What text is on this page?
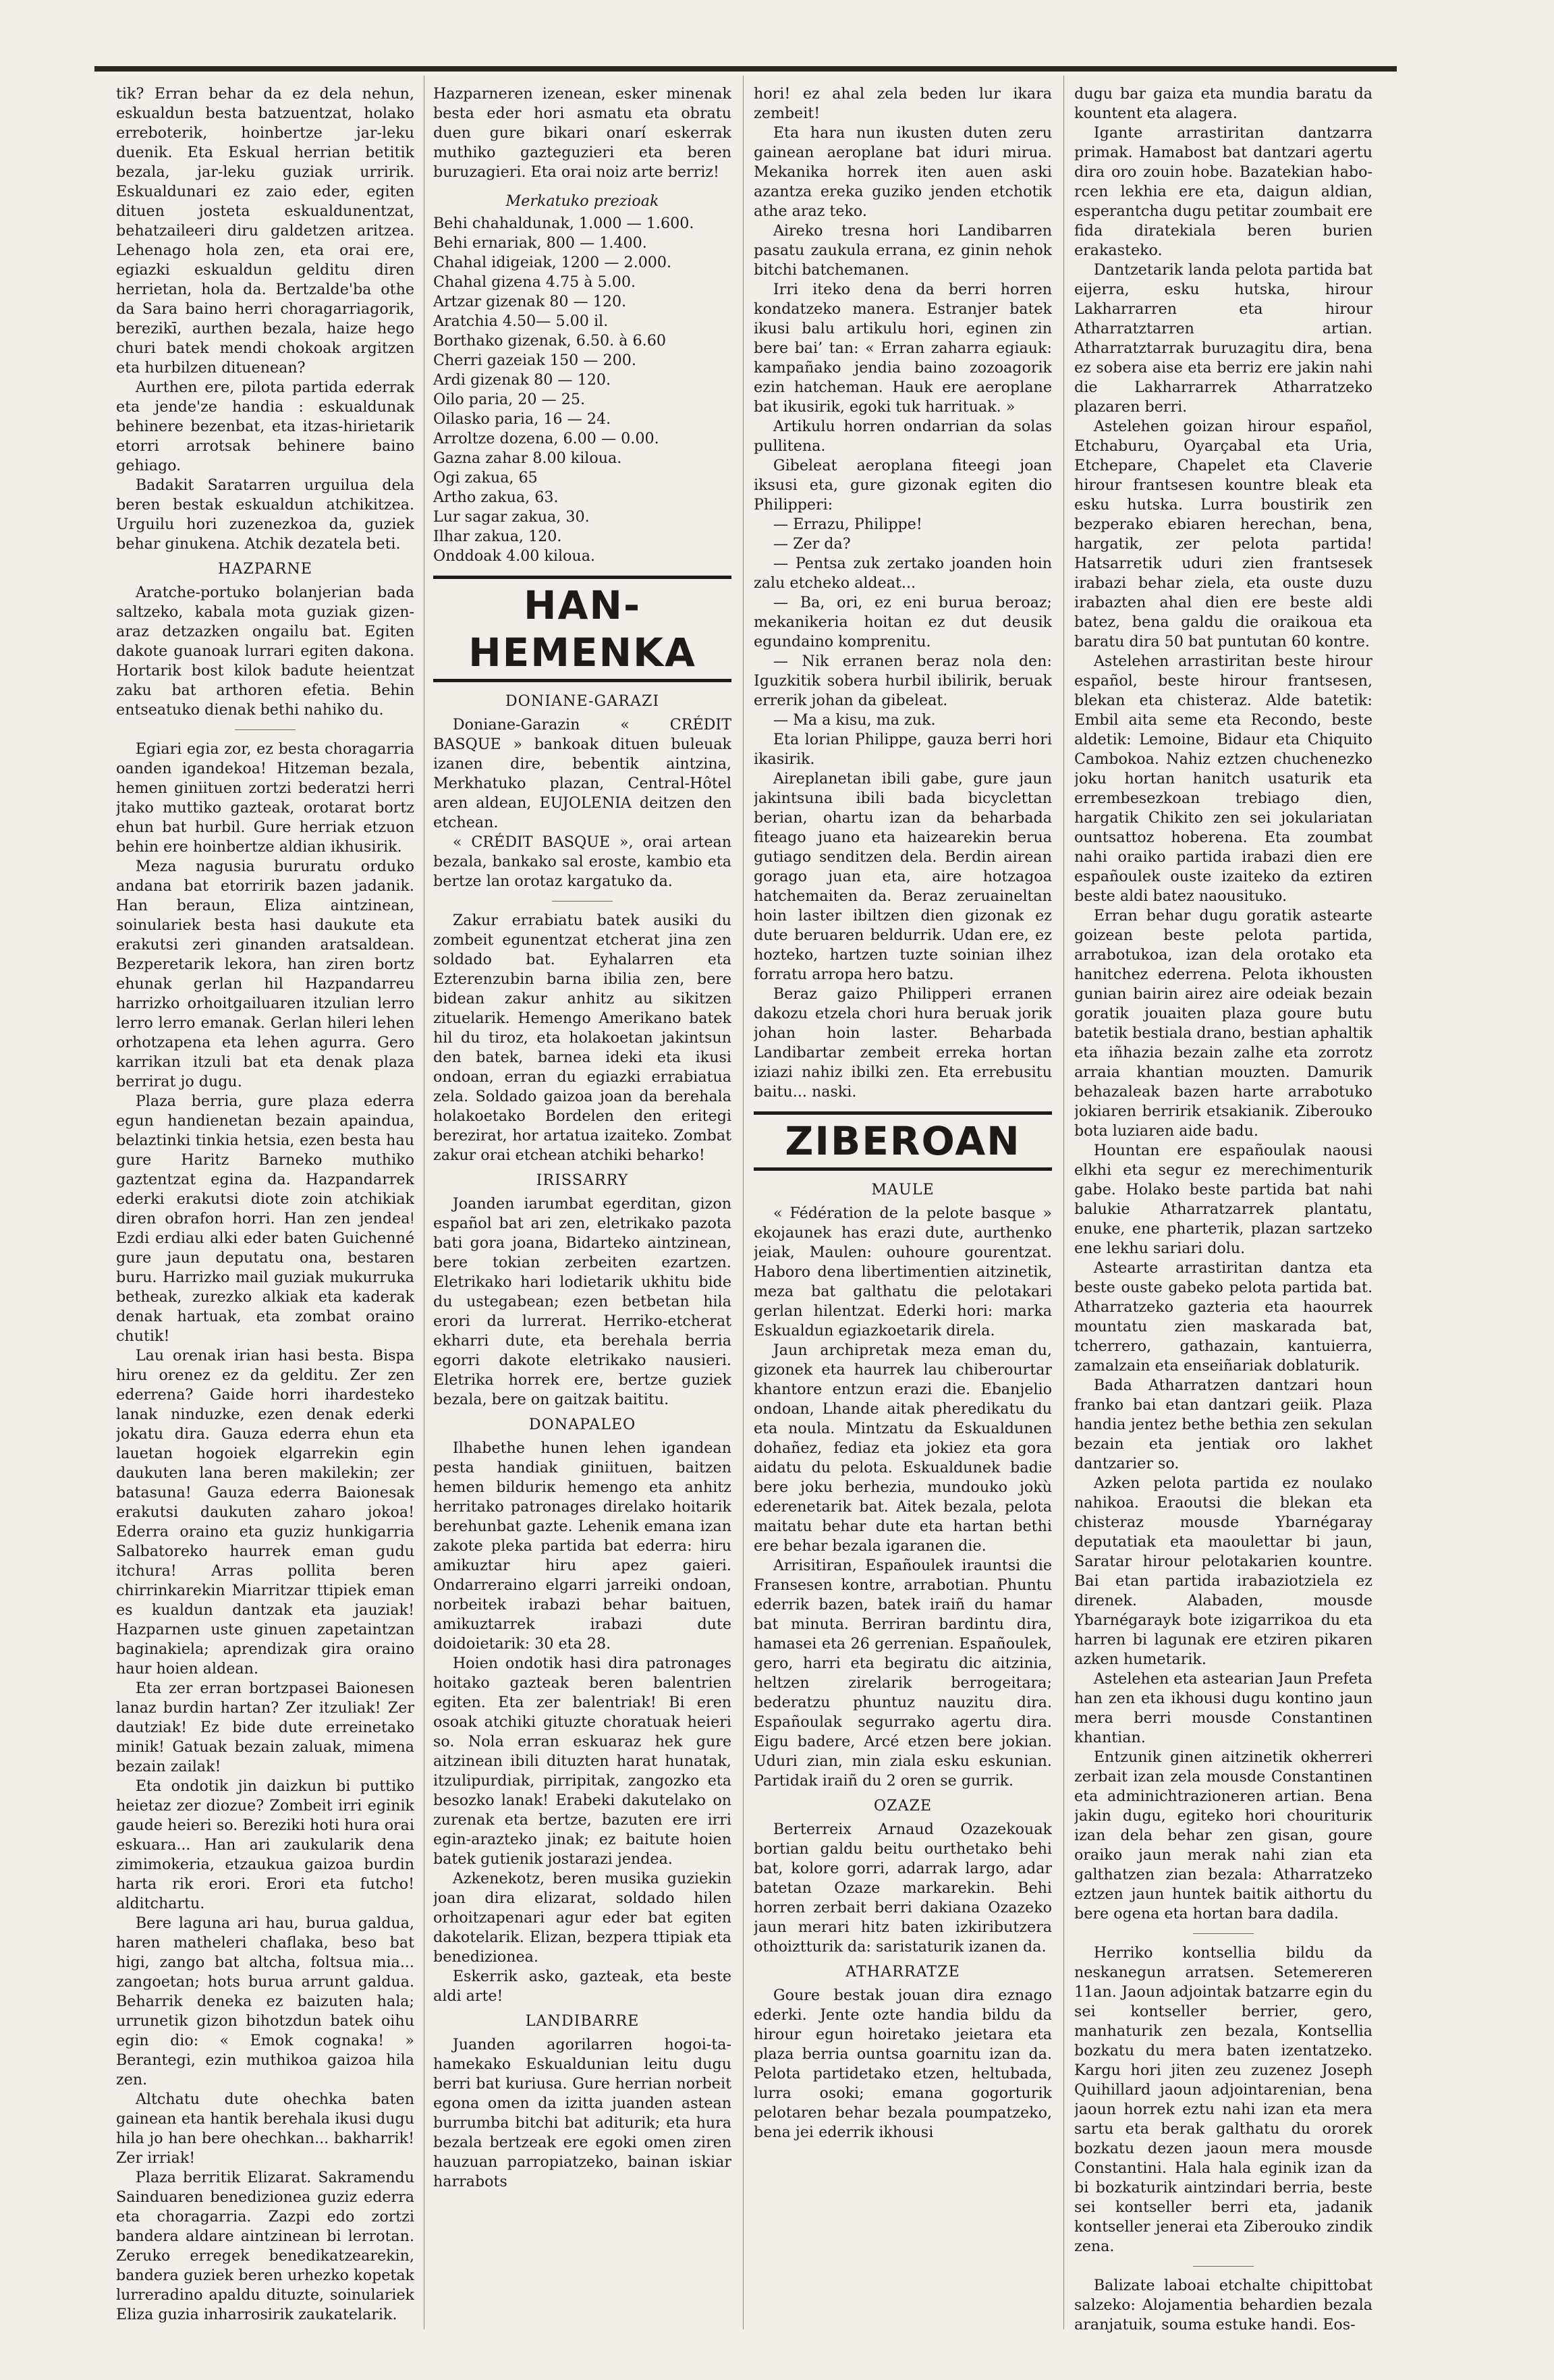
tik? Erran behar da ez dela nehun, eskualdun besta batzuentzat, holako erreboterik, hoinbertze jar-leku duenik. Eta Eskual herrian betitik bezala, jar-leku guziak urririk. Eskualdunari ez zaio eder, egiten dituen josteta eskualdunentzat, behatzaileeri diru galdetzen aritzea. Lehenago hola zen, eta orai ere, egiazki eskualdun gelditu diren herrietan, hola da. Bertzalde'ba othe da Sara baino herri choragarriagorik, berezikī, aurthen bezala, haize hego churi batek mendi chokoak argitzen eta hurbilzen dituenean?

Aurthen ere, pilota partida ederrak eta jende'ze handia : eskualdunak behinere bezenbat, eta itzas-hirietarik etorri arrotsak behinere baino gehiago.

Badakit Saratarren urguilua dela beren bestak eskualdun atchikitzea. Urguilu hori zuzenezkoa da, guziek behar ginukena. Atchik dezatela beti.

HAZPARNE

Aratche-portuko bolanjerian bada saltzeko, kabala mota guziak gizen-araz detzazken ongailu bat. Egiten dakote guanoak lurrari egiten dakona. Hortarik bost kilok badute heientzat zaku bat arthoren efetia. Behin entseatuko dienak bethi nahiko du.

Egiari egia zor, ez besta choragarria oanden igandekoa! Hitzeman bezala, hemen giniituen zortzi bederatzi herri jtako muttiko gazteak, orotarat bortz ehun bat hurbil. Gure herriak etzuon behin ere hoinbertze aldian ikhusirik.

Meza nagusia bururatu orduko andana bat etorririk bazen jadanik. Han beraun, Eliza aintzinean, soinulariek besta hasi daukute eta erakutsi zeri ginanden aratsaldean. Bezperetarik lekora, han ziren bortz ehunak gerlan hil Hazpandarreu harrizko orhoitgailuaren itzulian lerro lerro lerro emanak. Gerlan hileri lehen orhotzapena eta lehen agurra. Gero karrikan itzuli bat eta denak plaza berrirat jo dugu.

Plaza berria, gure plaza ederra egun handienetan bezain apaindua, belaztinki tinkia hetsia, ezen besta hau gure Haritz Barneko muthiko gaztentzat egina da. Hazpandarrek ederki erakutsi diote zoin atchikiak diren obrafon horri. Han zen jendeaǃ Ezdi erdiau alki eder baten Guichenné gure jaun deputatu ona, bestaren buru. Harrizko mail guziak mukurruka betheak, zurezko alkiak eta kaderak denak hartuak, eta zombat oraino chutik!

Lau orenak irian hasi besta. Bispa hiru orenez ez da gelditu. Zer zen ederrena? Gaide horri ihardesteko lanak ninduzke, ezen denak ederki jokatu dira. Gauza ederra ehun eta lauetan hogoiek elgarrekin egin daukuten lana beren makilekin; zer batasuna! Gauza ederra Baionesak erakutsi daukuten zaharo jokoa! Ederra oraino eta guziz hunkigarria Salbatoreko haurrek eman gudu itchura! Arras pollita beren chirrinkarekin Miarritzar ttipiek eman es kualdun dantzak eta jauziak! Hazparnen uste ginuen zapetaintzan baginakiela; aprendizak gira oraino haur hoien aldean.

Eta zer erran bortzpasei Baionesen lanaz burdin hartan? Zer itzuliak! Zer dautziak! Ez bide dute erreinetako minik! Gatuak bezain zaluak, mimena bezain zailak!

Eta ondotik jin daizkun bi puttiko heietaz zer diozue? Zombeit irri eginik gaude heieri so. Bereziki hoti hura orai eskuara... Han ari zaukularik dena zimimokeria, etzaukua gaizoa burdin harta rik erori. Erori eta futcho! alditchartu.

Bere laguna ari hau, burua galdua, haren matheleri chaflaka, beso bat higi, zango bat altcha, foltsua mia... zangoetan; hots burua arrunt galdua. Beharrik deneka ez baizuten hala; urrunetik gizon bihotzdun batek oihu egin dio: « Emok cognaka! » Berantegi, ezin muthikoa gaizoa hila zen.

Altchatu dute ohechka baten gainean eta hantik berehala ikusi dugu hila jo han bere ohechkan... bakharrik! Zer irriak!

Plaza berritik Elizarat. Sakramendu Sainduaren benedizionea guziz ederra eta choragarria. Zazpi edo zortzi bandera aldare aintzinean bi lerrotan. Zeruko erregek benedikatzearekin, bandera guziek beren urhezko kopetak lurreradino apaldu dituzte, soinulariek Eliza guzia inharrosirik zaukatelarik.

Hazparneren izenean, esker minenak besta eder hori asmatu eta obratu duen gure bikari onarí eskerrak muthiko gazteguzieri eta beren buruzagieri. Eta orai noiz arte berriz!

Merkatuko prezioak
Behi chahaldunak, 1.000 — 1.600.
Behi ernariak, 800 — 1.400.
Chahal idigeiak, 1200 — 2.000.
Chahal gizena 4.75 à 5.00.
Artzar gizenak 80 — 120.
Aratchia 4.50— 5.00 il.
Borthako gizenak, 6.50. à 6.60
Cherri gazeiak 150 — 200.
Ardi gizenak 80 — 120.
Oilo paria, 20 — 25.
Oilasko paria, 16 — 24.
Arroltze dozena, 6.00 — 0.00.
Gazna zahar 8.00 kiloua.
Ogi zakua, 65
Artho zakua, 63.
Lur sagar zakua, 30.
Ilhar zakua, 120.
Onddoak 4.00 kiloua.
HAN-HEMENKA
DONIANE-GARAZI

Doniane-Garazin « CRÉDIT BASQUE » bankoak dituen buleuak izanen dire, bebentik aintzina, Merkhatuko plazan, Central-Hôtel aren aldean, EUJOLENIA deitzen den etchean.

« CRÉDIT BASQUE », orai artean bezala, bankako sal eroste, kambio eta bertze lan orotaz kargatuko da.

Zakur errabiatu batek ausiki du zombeit egunentzat etcherat jina zen soldado bat. Eyhalarren eta Ezterenzubin barna ibilia zen, bere bidean zakur anhitz au sikitzen zituelarik. Hemengo Amerikano batek hil du tiroz, eta holakoetan jakintsun den batek, barnea ideki eta ikusi ondoan, erran du egiazki errabiatua zela. Soldado gaizoa joan da berehala holakoetako Bordelen den eritegi berezirat, hor artatua izaiteko. Zombat zakur orai etchean atchiki beharko!

IRISSARRY

Joanden iarumbat egerditan, gizon español bat ari zen, eletrikako pazota bati gora joana, Bidarteko aintzinean, bere tokian zerbeiten ezartzen. Eletrikako hari lodietarik ukhitu bide du ustegabean; ezen betbetan hila erori da lurrerat. Herriko-etcherat ekharri dute, eta berehala berria egorri dakote eletrikako nausieri. Eletrika horrek ere, bertze guziek bezala, bere on gaitzak baititu.

DONAPALEO

Ilhabethe hunen lehen igandean pesta handiak giniituen, baitzen hemen bilduriк hemengo eta anhitz herritako patronages direlako hoitarik berehunbat gazte. Lehenik emana izan zakote pleka partida bat ederra: hiru amikuztar hiru apez gaieri. Ondarreraino elgarri jarreiki ondoan, norbeitek irabazi behar baituen, amikuztarrek irabazi dute doidoietarik: 30 eta 28.

Hoien ondotik hasi dira patronages hoitako gazteak beren balentrien egiten. Eta zer balentriak! Bi eren osoak atchiki gituzte choratuak heieri so. Nola erran eskuaraz hek gure aitzinean ibili dituzten harat hunatak, itzulipurdiak, pirripitak, zangozko eta besozko lanak! Erabeki dakutelako on zurenak eta bertze, bazuten ere irri egin-arazteko jinak; ez baitute hoien batek gutienik jostarazi jendea.

Azkenekotz, beren musika guziekin joan dira elizarat, soldado hilen orhoitzapenari agur eder bat egiten dakotelarik. Elizan, bezpera ttipiak eta benedizionea.

Eskerrik asko, gazteak, eta beste aldi arte!

LANDIBARRE

Juanden agorilarren hogoi-ta-hamekako Eskualdunian leitu dugu berri bat kuriusa. Gure herrian norbeit egona omen da izitta juanden astean burrumba bitchi bat aditurik; eta hura bezala bertzeak ere egoki omen ziren hauzuan parropiatzeko, bainan iskiar harrabots

hori! ez ahal zela beden lur ikara zembeit!

Eta hara nun ikusten duten zeru gainean aeroplane bat iduri mirua. Mekanika horrek iten auen aski azantza ereka guziko jenden etchotik athe araz teko.

Aireko tresna hori Landibarren pasatu zaukula errana, ez ginin nehok bitchi batchemanen.

Irri iteko dena da berri horren kondatzeko manera. Estranjer batek ikusi balu artikulu hori, eginen zin bere bai’ tan: « Erran zaharra egiauk: kampañako jendia baino zozoagorik ezin hatcheman. Hauk ere aeroplane bat ikusirik, egoki tuk harrituak. »

Artikulu horren ondarrian da solas pullitena.

Gibeleat aeroplana fiteegi joan iksusi eta, gure gizonak egiten dio Philipperi:

— Errazu, Philippe!

— Zer da?

— Pentsa zuk zertako joanden hoin zalu etcheko aldeat...

— Ba, ori, ez eni burua beroaz; mekanikeria hoitan ez dut deusik egundaino komprenitu.

— Nik erranen beraz nola den: Iguzkitik sobera hurbil ibilirik, beruak errerik johan da gibeleat.

— Ma a kisu, ma zuk.

Eta lorian Philippe, gauza berri hori ikasirik.

Aireplanetan ibili gabe, gure jaun jakintsuna ibili bada bicyclettan berian, ohartu izan da beharbada fiteago juano eta haizearekin berua gutiago senditzen dela. Berdin airean gorago juan eta, aire hotzagoa hatchemaiten da. Beraz zeruaineltan hoin laster ibiltzen dien gizonak ez dute beruaren beldurrik. Udan ere, ez hozteko, hartzen tuzte soinian ilhez forratu arropa hero batzu.

Beraz gaizo Philipperi erranen dakozu etzela chori hura beruak jorik johan hoin laster. Beharbada Landibartar zembeit erreka hortan iziazi nahiz ibilki zen. Eta errebusitu baitu... naski.

ZIBEROAN
MAULE

« Fédération de la pelote basque » ekojaunek has erazi dute, aurthenko jeiak, Maulen: ouhoure gourentzat. Haboro dena libertimentien aitzinetik, meza bat galthatu die pelotakari gerlan hilentzat. Ederki hori: marka Eskualdun egiazkoetarik direla.

Jaun archipretak meza eman du, gizonek eta haurrek lau chiberourtar khantore entzun erazi die. Ebanjelio ondoan, Lhande aitak pheredikatu du eta noula. Mintzatu da Eskualdunen dohañez, fediaz eta jokiez eta gora aidatu du pelota. Eskualdunek badie bere joku berhezia, mundouko jokù ederenetarik bat. Aitek bezala, pelota maitatu behar dute eta hartan bethi ere behar bezala igaranen die.

Arrisitiran, Españoulek irauntsi die Fransesen kontre, arrabotian. Phuntu ederrik bazen, batek iraiñ du hamar bat minuta. Berriran bardintu dira, hamasei eta 26 gerrenian. Españoulek, gero, harri eta begiratu dic aitzinia, heltzen zirelarik berrogeitara; bederatzu phuntuz nauzitu dira. Españoulak segurrako agertu dira. Eigu badere, Arcé etzen bere jokian. Uduri zian, min ziala esku eskunian. Partidak iraiñ du 2 oren se gurrik.

OZAZE

Berterreix Arnaud Ozazekouak bortian galdu beitu ourthetako behi bat, kolore gorri, adarrak largo, adar batetan Ozaze markarekin. Behi horren zerbait berri dakiana Ozazeko jaun merari hitz baten izkiributzera othoiztturik da: saristaturik izanen da.

ATHARRATZE

Goure bestak jouan dira eznago ederki. Jente ozte handia bildu da hirour egun hoiretako jeietara eta plaza berria ountsa goarnitu izan da. Pelota partidetako etzen, heltubada, lurra osoki; emana gogorturik pelotaren behar bezala poumpatzeko, bena jei ederrik ikhousi

dugu bar gaiza eta mundia baratu da kountent eta alagera.

Igante arrastiritan dantzarra primak. Hamabost bat dantzari agertu dira oro zouin hobe. Bazatekian haborcen lekhia ere eta, daigun aldian, esperantcha dugu petitar zoumbait ere fida diratekiala beren burien erakasteko.

Dantzetarik landa pelota partida bat eijerra, esku hutska, hirour Lakharrarren eta hirour Atharratztarren artian. Atharratztarrak buruzagitu dira, bena ez sobera aise eta berriz ere jakin nahi die Lakharrarrek Atharratzeko plazaren berri.

Astelehen goizan hirour español, Etchaburu, Oyarçabal eta Uria, Etchepare, Chapelet eta Claverie hirour frantsesen kountre bleak eta esku hutska. Lurra boustirik zen bezperako ebiaren herechan, bena, hargatik, zer pelota partida! Hatsarretik uduri zien frantsesek irabazi behar ziela, eta ouste duzu irabazten ahal dien ere beste aldi batez, bena galdu die oraikoua eta baratu dira 50 bat puntutan 60 kontre.

Astelehen arrastiritan beste hirour español, beste hirour frantsesen, blekan eta chisteraz. Alde batetik: Embil aita seme eta Recondo, beste aldetik: Lemoine, Bidaur eta Chiquito Cambokoa. Nahiz eztzen chuchenezko joku hortan hanitch usaturik eta errembesezkoan trebiago dien, hargatik Chikito zen sei jokulariatan ountsattoz hoberena. Eta zoumbat nahi oraiko partida irabazi dien ere españoulek ouste izaiteko da eztiren beste aldi batez naousituko.

Erran behar dugu goratik astearte goizean beste pelota partida, arrabotukoa, izan dela orotako eta hanitchez ederrena. Pelota ikhousten gunian bairin airez aire odeiak bezain goratik jouaiten plaza goure butu batetik bestiala drano, bestian aphaltik eta iñhazia bezain zalhe eta zorrotz arraia khantian mouzten. Damurik behazaleak bazen harte arrabotuko jokiaren berririk etsakianik. Ziberouko bota luziaren aide badu.

Hountan ere españoulak naousi elkhi eta segur ez merechimenturik gabe. Holako beste partida bat nahi balukie Atharratzarrek plantatu, enuke, ene pharteтik, plazan sartzeko ene lekhu sariari dolu.

Astearte arrastiritan dantza eta beste ouste gabeko pelota partida bat. Atharratzeko gazteria eta haourrek mountatu zien maskarada bat, tcherrero, gathazain, kantuierra, zamalzain eta enseiñariak doblaturik.

Bada Atharratzen dantzari houn franko bai etan dantzari geiik. Plaza handia jentez bethe bethia zen sekulan bezain eta jentiak oro lakhet dantzarier so.

Azken pelota partida ez noulako nahikoa. Eraoutsi die blekan eta chisteraz mousde Ybarnégaray deputatiak eta maoulettar bi jaun, Saratar hirour pelotakarien kountre. Bai etan partida irabaziotziela ez direnek. Alabaden, mousde Ybarnégarayk bote izigarrikoa du eta harren bi lagunak ere etziren pikaren azken humetarik.

Astelehen eta astearian Jaun Prefeta han zen eta ikhousi dugu kontino jaun mera berri mousde Constantinen khantian.

Entzunik ginen aitzinetik okherreri zerbait izan zela mousde Constantinen eta adminichtrazioneren artian. Bena jakin dugu, egiteko hori chourituriк izan dela behar zen gisan, goure oraiko jaun merak nahi zian eta galthatzen zian bezala: Atharratzeko eztzen jaun huntek baitik aithortu du bere ogena eta hortan bara dadila.

Herriko kontsellia bildu da neskanegun arratsen. Setemereren 11an. Jaoun adjointak batzarre egin du sei kontseller berrier, gero, manhaturik zen bezala, Kontsellia bozkatu du mera baten izentatzeko. Kargu hori jiten zeu zuzenez Joseph Quihillard jaoun adjointarenian, bena jaoun horrek eztu nahi izan eta mera sartu eta berak galthatu du ororek bozkatu dezen jaoun mera mousde Constantini. Hala hala eginik izan da bi bozkaturik aintzindari berria, beste sei kontseller berri eta, jadanik kontseller jenerai eta Ziberouko zindik zena.

Balizate laboai etchalte chipittobat salzeko: Alojamentia behardien bezala aranjatuik, souma estuke handi. Eos-
